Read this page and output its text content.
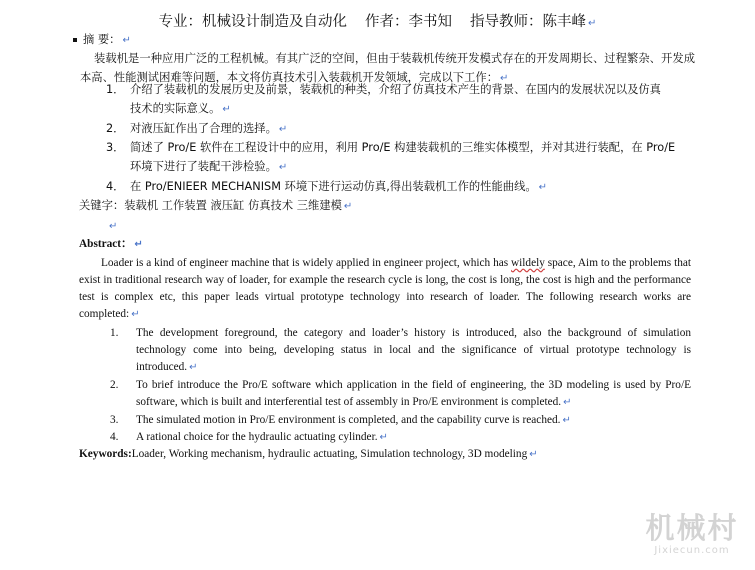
专业：机械设计制造及自动化 作者：李书知 指导教师：陈丰峰 ↵
摘 要： ↵
装载机是一种应用广泛的工程机械。有其广泛的空间，但由于装载机传统开发模式存在的开发周期长、过程繁杂、开发成本高、性能测试困难等问题，本文将仿真技术引入装载机开发领域，完成以下工作： ↵
1． 介绍了装载机的发展历史及前景，装载机的种类，介绍了仿真技术产生的背景、在国内的发展状况以及仿真
技术的实际意义。 ↵
2． 对液压缸作出了合理的选择。 ↵
3． 简述了 Pro/E 软件在工程设计中的应用，利用 Pro/E 构建装载机的三维实体模型，并对其进行装配，在 Pro/E
环境下进行了装配干涉检验。 ↵
4． 在 Pro/ENIEER MECHANISM 环境下进行运动仿真,得出装载机工作的性能曲线。 ↵
关键字：装载机 工作装置 液压缸 仿真技术 三维建模 ↵
↵
Abstract： ↵
Loader is a kind of engineer machine that is widely applied in engineer project, which has wildely space, Aim to the problems that exist in traditional research way of loader, for example the research cycle is long, the cost is long, the cost is high and the performance test is complex etc, this paper leads virtual prototype technology into research of loader. The following research works are completed: ↵
1. The development foreground, the category and loader’s history is introduced, also the background of simulation technology come into being, developing status in local and the significance of virtual prototype technology is introduced. ↵
2. To brief introduce the Pro/E software which application in the field of engineering, the 3D modeling is used by Pro/E software, which is built and interferential test of assembly in Pro/E environment is completed. ↵
3. The simulated motion in Pro/E environment is completed, and the capability curve is reached. ↵
4. A rational choice for the hydraulic actuating cylinder. ↵
Keywords:Loader, Working mechanism, hydraulic actuating, Simulation technology, 3D modeling ↵
机械村
Jixiecun.com
